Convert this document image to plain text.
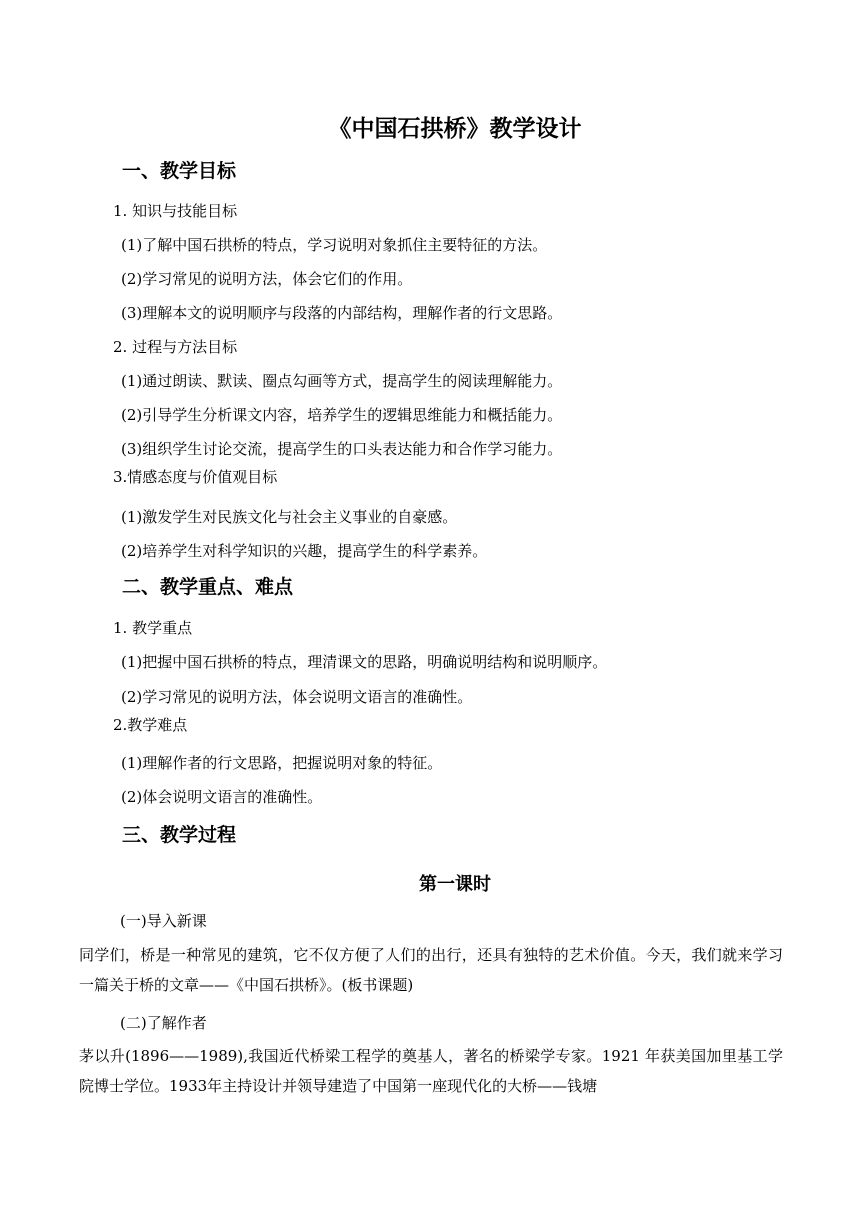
《中国石拱桥》教学设计
一、教学目标
1. 知识与技能目标
(1)了解中国石拱桥的特点，学习说明对象抓住主要特征的方法。
(2)学习常见的说明方法，体会它们的作用。
(3)理解本文的说明顺序与段落的内部结构，理解作者的行文思路。
2. 过程与方法目标
(1)通过朗读、默读、圈点勾画等方式，提高学生的阅读理解能力。
(2)引导学生分析课文内容，培养学生的逻辑思维能力和概括能力。
(3)组织学生讨论交流，提高学生的口头表达能力和合作学习能力。
3.情感态度与价值观目标
(1)激发学生对民族文化与社会主义事业的自豪感。
(2)培养学生对科学知识的兴趣，提高学生的科学素养。
二、教学重点、难点
1. 教学重点
(1)把握中国石拱桥的特点，理清课文的思路，明确说明结构和说明顺序。
(2)学习常见的说明方法，体会说明文语言的准确性。
2.教学难点
(1)理解作者的行文思路，把握说明对象的特征。
(2)体会说明文语言的准确性。
三、教学过程
第一课时
(一)导入新课
同学们，桥是一种常见的建筑，它不仅方便了人们的出行，还具有独特的艺术价值。今天，我们就来学习一篇关于桥的文章——《中国石拱桥》。(板书课题)
(二)了解作者
茅以升(1896——1989),我国近代桥梁工程学的奠基人，著名的桥梁学专家。1921 年获美国加里基工学院博士学位。1933年主持设计并领导建造了中国第一座现代化的大桥——钱塘
